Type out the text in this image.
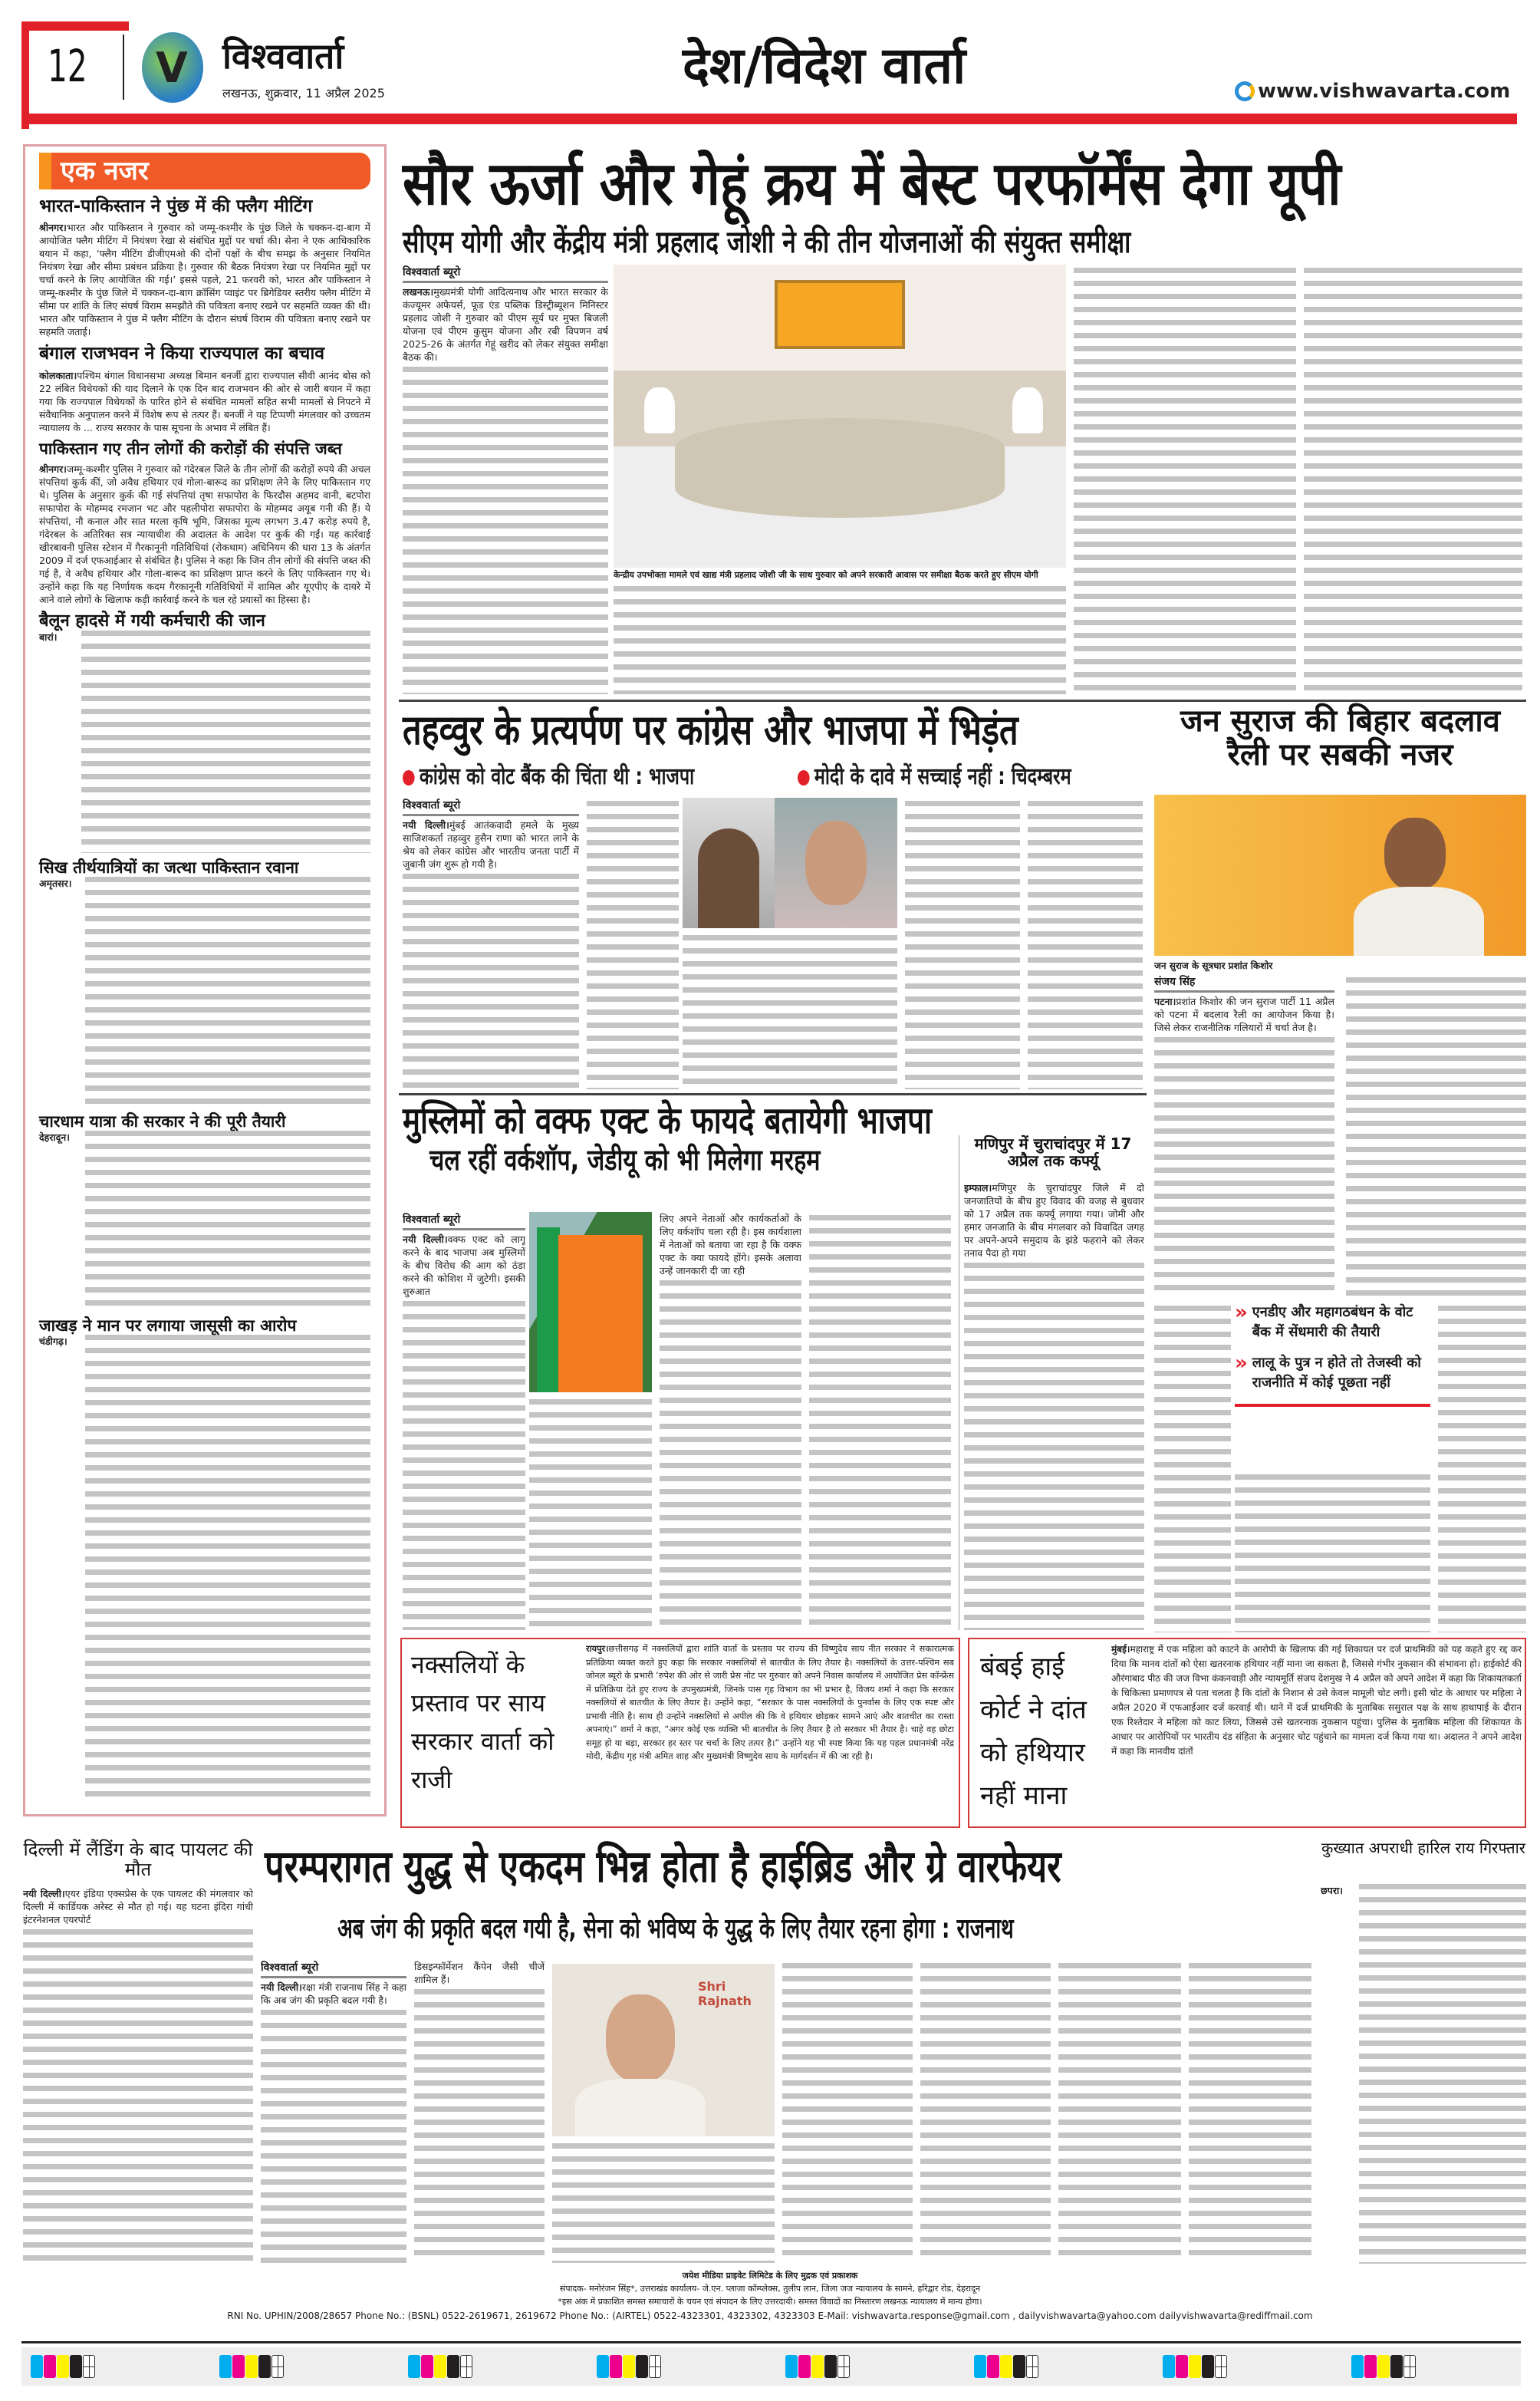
12 V विश्ववार्ता
लखनऊ, शुक्रवार, 11 अप्रैल 2025	देश/विदेश वार्ता	www.vishwavarta.com
एक नजर
भारत-पाकिस्तान ने पुंछ में की फ्लैग मीटिंग

श्रीनगर।भारत और पाकिस्तान ने गुरुवार को जम्मू-कश्मीर के पुंछ जिले के चक्कन-दा-बाग में आयोजित फ्लैग मीटिंग में नियंत्रण रेखा से संबंधित मुद्दों पर चर्चा की। सेना ने एक आधिकारिक बयान में कहा, ‘फ्लैग मीटिंग डीजीएमओ की दोनों पक्षों के बीच समझ के अनुसार नियमित नियंत्रण रेखा और सीमा प्रबंधन प्रक्रिया है। गुरुवार की बैठक नियंत्रण रेखा पर नियमित मुद्दों पर चर्चा करने के लिए आयोजित की गई।’ इससे पहले, 21 फरवरी को, भारत और पाकिस्तान ने जम्मू-कश्मीर के पुंछ जिले में चक्कन-दा-बाग क्रॉसिंग प्वाइंट पर ब्रिगेडियर स्तरीय फ्लैग मीटिंग में सीमा पर शांति के लिए संघर्ष विराम समझौते की पवित्रता बनाए रखने पर सहमति व्यक्त की थी। भारत और पाकिस्तान ने पुंछ में फ्लैग मीटिंग के दौरान संघर्ष विराम की पवित्रता बनाए रखने पर सहमति जताई।

बंगाल राजभवन ने किया राज्यपाल का बचाव

कोलकाता।पश्चिम बंगाल विधानसभा अध्यक्ष बिमान बनर्जी द्वारा राज्यपाल सीवी आनंद बोस को 22 लंबित विधेयकों की याद दिलाने के एक दिन बाद राजभवन की ओर से जारी बयान में कहा गया कि राज्यपाल विधेयकों के पारित होने से संबंधित मामलों सहित सभी मामलों से निपटने में संवैधानिक अनुपालन करने में विशेष रूप से तत्पर हैं। बनर्जी ने यह टिप्पणी मंगलवार को उच्चतम न्यायालय के ... राज्य सरकार के पास सूचना के अभाव में लंबित हैं।

पाकिस्तान गए तीन लोगों की करोड़ों की संपत्ति जब्त

श्रीनगर।जम्मू-कश्मीर पुलिस ने गुरुवार को गंदेरबल जिले के तीन लोगों की करोड़ों रुपये की अचल संपत्तियां कुर्क कीं, जो अवैध हथियार एवं गोला-बारूद का प्रशिक्षण लेने के लिए पाकिस्तान गए थे। पुलिस के अनुसार कुर्क की गई संपत्तियां तृषा सफापोरा के फिरदौस अहमद वानी, बटपोरा सफापोरा के मोहम्मद रमजान भट और पहलीपोरा सफापोरा के मोहम्मद अयूब गनी की हैं। ये संपत्तियां, नौ कनाल और सात मरला कृषि भूमि, जिसका मूल्य लगभग 3.47 करोड़ रुपये है, गंदेरबल के अतिरिक्त सत्र न्यायाधीश की अदालत के आदेश पर कुर्क की गईं। यह कार्रवाई खीरबावनी पुलिस स्टेशन में गैरकानूनी गतिविधियां (रोकथाम) अधिनियम की धारा 13 के अंतर्गत 2009 में दर्ज एफआईआर से संबंधित है। पुलिस ने कहा कि जिन तीन लोगों की संपत्ति जब्त की गई है, वे अवैध हथियार और गोला-बारूद का प्रशिक्षण प्राप्त करने के लिए पाकिस्तान गए थे। उन्होंने कहा कि यह निर्णायक कदम गैरकानूनी गतिविधियों में शामिल और यूएपीए के दायरे में आने वाले लोगों के खिलाफ कड़ी कार्रवाई करने के चल रहे प्रयासों का हिस्सा है।

बैलून हादसे में गयी कर्मचारी की जान

बारां।

सिख तीर्थयात्रियों का जत्था पाकिस्तान रवाना

अमृतसर।

चारधाम यात्रा की सरकार ने की पूरी तैयारी

देहरादून।

जाखड़ ने मान पर लगाया जासूसी का आरोप

चंडीगढ़।

सौर ऊर्जा और गेहूं क्रय में बेस्ट परफॉर्मेंस देगा यूपी
सीएम योगी और केंद्रीय मंत्री प्रहलाद जोशी ने की तीन योजनाओं की संयुक्त समीक्षा
विश्ववार्ता ब्यूरो

लखनऊ।मुख्यमंत्री योगी आदित्यनाथ और भारत सरकार के कंज्यूमर अफेयर्स, फूड एंड पब्लिक डिस्ट्रीब्यूशन मिनिस्टर प्रहलाद जोशी ने गुरुवार को पीएम सूर्य घर मुफ्त बिजली योजना एवं पीएम कुसुम योजना और रबी विपणन वर्ष 2025-26 के अंतर्गत गेहूं खरीद को लेकर संयुक्त समीक्षा बैठक की।

केन्द्रीय उपभोक्ता मामले एवं खाद्य मंत्री प्रहलाद जोशी जी के साथ गुरुवार को अपने सरकारी आवास पर समीक्षा बैठक करते हुए सीएम योगी
तहव्वुर के प्रत्यर्पण पर कांग्रेस और भाजपा में भिड़ंत
कांग्रेस को वोट बैंक की चिंता थी : भाजपा	मोदी के दावे में सच्चाई नहीं : चिदम्बरम
विश्ववार्ता ब्यूरो

नयी दिल्ली।मुंबई आतंकवादी हमले के मुख्य साजिशकर्ता तहव्वुर हुसैन राणा को भारत लाने के श्रेय को लेकर कांग्रेस और भारतीय जनता पार्टी में जुबानी जंग शुरू हो गयी है।

जन सुराज की बिहार बदलाव रैली पर सबकी नजर
जन सुराज के सूत्रधार प्रशांत किशोर
संजय सिंह

पटना।प्रशांत किशोर की जन सुराज पार्टी 11 अप्रैल को पटना में बदलाव रैली का आयोजन किया है। जिसे लेकर राजनीतिक गलियारों में चर्चा तेज है।

» एनडीए और महागठबंधन के वोट बैंक में सेंधमारी की तैयारी
» लालू के पुत्र न होते तो तेजस्वी को राजनीति में कोई पूछता नहीं
मुस्लिमों को वक्फ एक्ट के फायदे बतायेगी भाजपा
चल रहीं वर्कशॉप, जेडीयू को भी मिलेगा मरहम
विश्ववार्ता ब्यूरो

नयी दिल्ली।वक्फ एक्ट को लागू करने के बाद भाजपा अब मुस्लिमों के बीच विरोध की आग को ठंडा करने की कोशिश में जुटेगी। इसकी शुरुआत

लिए अपने नेताओं और कार्यकर्ताओं के लिए वर्कशॉप चला रही है। इस कार्यशाला में नेताओं को बताया जा रहा है कि वक्फ एक्ट के क्या फायदे होंगे। इसके अलावा उन्हें जानकारी दी जा रही

मणिपुर में चुराचांदपुर में 17 अप्रैल तक कर्फ्यू

इम्फाल।मणिपुर के चुराचांदपुर जिले में दो जनजातियों के बीच हुए विवाद की वजह से बुधवार को 17 अप्रैल तक कर्फ्यू लगाया गया। जोमी और हमार जनजाति के बीच मंगलवार को विवादित जगह पर अपने-अपने समुदाय के झंडे फहराने को लेकर तनाव पैदा हो गया

नक्सलियों के प्रस्ताव पर साय सरकार वार्ता को राजी

रायपुर।छत्तीसगढ़ में नक्सलियों द्वारा शांति वार्ता के प्रस्ताव पर राज्य की विष्णुदेव साय नीत सरकार ने सकारात्मक प्रतिक्रिया व्यक्त करते हुए कहा कि सरकार नक्सलियों से बातचीत के लिए तैयार है। नक्सलियों के उत्तर-पश्चिम सब जोनल ब्यूरो के प्रभारी ‘रुपेश की ओर से जारी प्रेस नोट पर गुरुवार को अपने निवास कार्यालय में आयोजित प्रेस कॉन्फ्रेंस में प्रतिक्रिया देते हुए राज्य के उपमुख्यमंत्री, जिनके पास गृह विभाग का भी प्रभार है, विजय शर्मा ने कहा कि सरकार नक्सलियों से बातचीत के लिए तैयार है। उन्होंने कहा, “सरकार के पास नक्सलियों के पुनर्वास के लिए एक स्पष्ट और प्रभावी नीति है। साथ ही उन्होंने नक्सलियों से अपील की कि वे हथियार छोड़कर सामने आएं और बातचीत का रास्ता अपनाएं।” शर्मा ने कहा, “अगर कोई एक व्यक्ति भी बातचीत के लिए तैयार है तो सरकार भी तैयार है। चाहे वह छोटा समूह हो या बड़ा, सरकार हर स्तर पर चर्चा के लिए तत्पर है।” उन्होंने यह भी स्पष्ट किया कि यह पहल प्रधानमंत्री नरेंद्र मोदी, केंद्रीय गृह मंत्री अमित शाह और मुख्यमंत्री विष्णुदेव साय के मार्गदर्शन में की जा रही है।

बंबई हाई कोर्ट ने दांत को हथियार नहीं माना

मुंबई।महाराष्ट्र में एक महिला को काटने के आरोपी के खिलाफ की गई शिकायत पर दर्ज प्राथमिकी को यह कहते हुए रद्द कर दिया कि मानव दांतों को ऐसा खतरनाक हथियार नहीं माना जा सकता है, जिससे गंभीर नुकसान की संभावना हो। हाईकोर्ट की औरंगाबाद पीठ की जज विभा कंकनवाड़ी और न्यायमूर्ति संजय देशमुख ने 4 अप्रैल को अपने आदेश में कहा कि शिकायतकर्ता के चिकित्सा प्रमाणपत्र से पता चलता है कि दांतों के निशान से उसे केवल मामूली चोट लगी। इसी चोट के आधार पर महिला ने अप्रैल 2020 में एफआईआर दर्ज करवाई थी। थाने में दर्ज प्राथमिकी के मुताबिक ससुराल पक्ष के साथ हाथापाई के दौरान एक रिश्तेदार ने महिला को काट लिया, जिससे उसे खतरनाक नुकसान पहुंचा। पुलिस के मुताबिक महिला की शिकायत के आधार पर आरोपियों पर भारतीय दंड संहिता के अनुसार चोट पहुंचाने का मामला दर्ज किया गया था। अदालत ने अपने आदेश में कहा कि मानवीय दांतों

दिल्ली में लैंडिंग के बाद पायलट की मौत

नयी दिल्ली।एयर इंडिया एक्सप्रेस के एक पायलट की मंगलवार को दिल्ली में कार्डियक अरेस्ट से मौत हो गई। यह घटना इंदिरा गांधी इंटरनेशनल एयरपोर्ट

परम्परागत युद्ध से एकदम भिन्न होता है हाईब्रिड और ग्रे वारफेयर
अब जंग की प्रकृति बदल गयी है, सेना को भविष्य के युद्ध के लिए तैयार रहना होगा : राजनाथ
विश्ववार्ता ब्यूरो

नयी दिल्ली।रक्षा मंत्री राजनाथ सिंह ने कहा कि अब जंग की प्रकृति बदल गयी है।

डिसइन्फॉर्मेशन कैंपेन जैसी चीजें शामिल हैं।	Shri Rajnath
कुख्यात अपराधी हारिल राय गिरफ्तार

छपरा।

जयेश मीडिया प्राइवेट लिमिटेड के लिए मुद्रक एवं प्रकाशक
संपादक- मनोरंजन सिंह*, उत्तराखंड कार्यालय- जे.एन. प्लाजा कॉम्प्लेक्स, तुलीप लान, जिला जज न्यायालय के सामने, हरिद्वार रोड, देहरादून
*इस अंक में प्रकाशित समस्त समाचारों के चयन एवं संपादन के लिए उत्तरदायी। समस्त विवादों का निस्तारण लखनऊ न्यायालय में मान्य होगा।
RNI No. UPHIN/2008/28657 Phone No.: (BSNL) 0522-2619671, 2619672 Phone No.: (AIRTEL) 0522-4323301, 4323302, 4323303 E-Mail: vishwavarta.response@gmail.com , dailyvishwavarta@yahoo.com dailyvishwavarta@rediffmail.com
